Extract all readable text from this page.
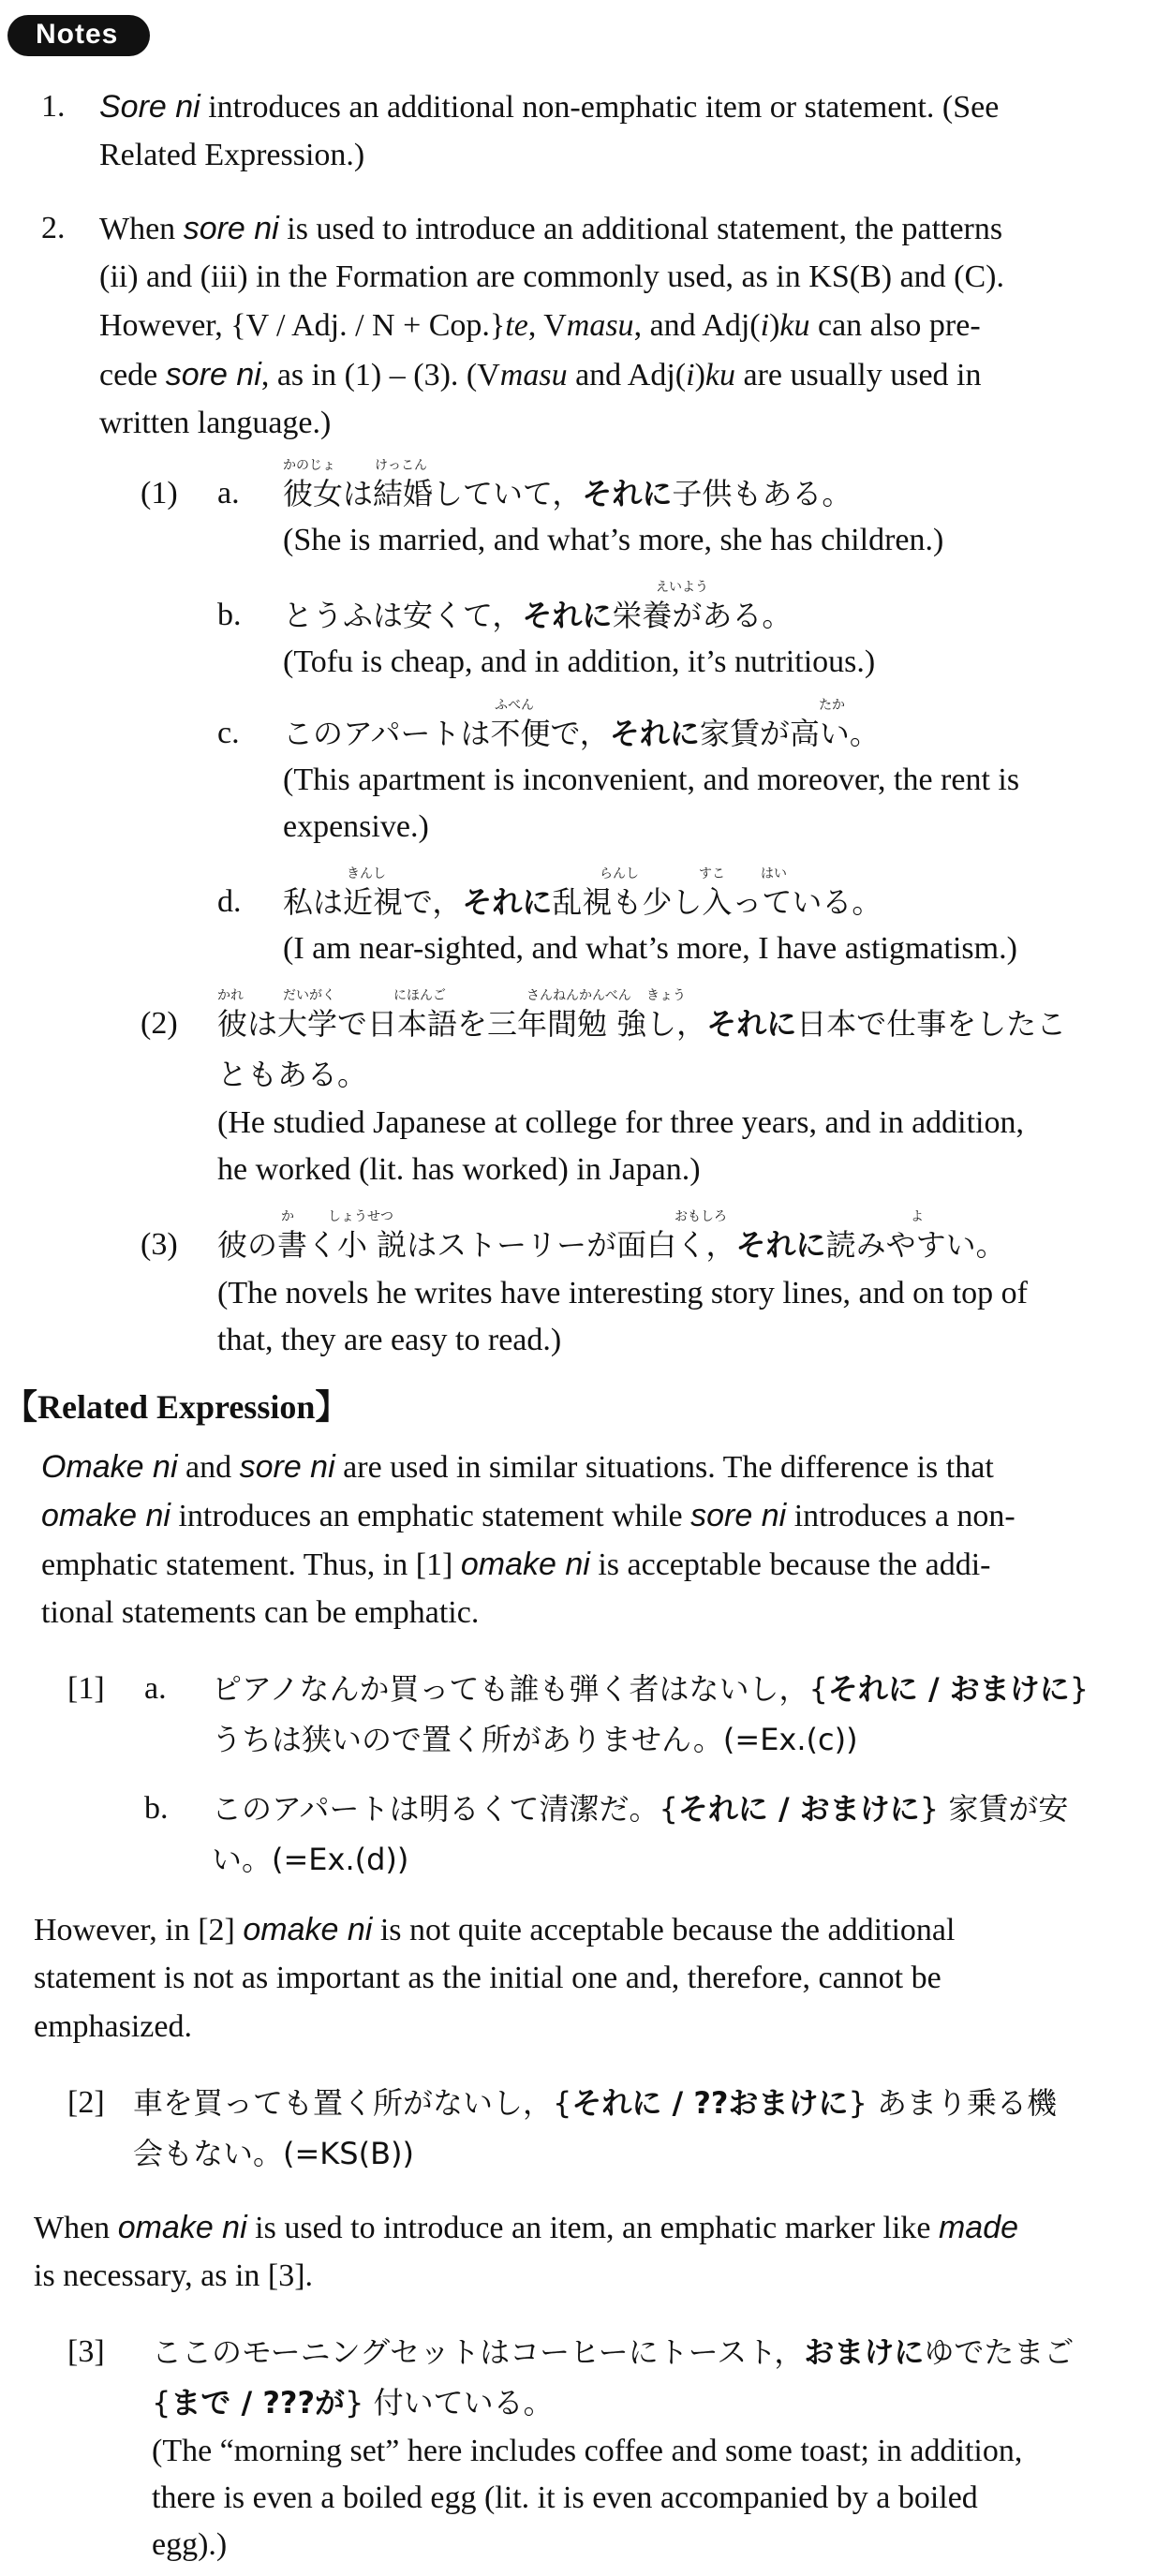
Notes
1. Sore ni introduces an additional non-emphatic item or statement. (See
Related Expression.)
2. When sore ni is used to introduce an additional statement, the patterns
(ii) and (iii) in the Formation are commonly used, as in KS(B) and (C).
However, {V / Adj. / N + Cop.}te, Vmasu, and Adj(i)ku can also pre-
cede sore ni, as in (1) – (3). (Vmasu and Adj(i)ku are usually used in
written language.)
(1) a.
かのじょ	けっこん
彼女は結婚していて，それに子供もある。
(She is married, and what’s more, she has children.)
b.
えいよう
とうふは安くて，それに栄養がある。
(Tofu is cheap, and in addition, it’s nutritious.)
c.
ふべん	たか
このアパートは不便で，それに家賃が高い。
(This apartment is inconvenient, and moreover, the rent is
expensive.)
d.
きんし	らんし	すこ	はい
私は近視で，それに乱視も少し入っている。
(I am near-sighted, and what’s more, I have astigmatism.)
(2)
かれ	だいがく	にほんご	さんねんかんべん きょう
彼は大学で日本語を三年間勉 強し，それに日本で仕事をしたこ
ともある。
(He studied Japanese at college for three years, and in addition,
he worked (lit. has worked) in Japan.)
(3)
か	しょうせつ	おもしろ	よ
彼の書く小 説はストーリーが面白く，それに読みやすい。
(The novels he writes have interesting story lines, and on top of
that, they are easy to read.)
【Related Expression】
Omake ni and sore ni are used in similar situations. The difference is that
omake ni introduces an emphatic statement while sore ni introduces a non-
emphatic statement. Thus, in [1] omake ni is acceptable because the addi-
tional statements can be emphatic.
[1] a. ピアノなんか買っても誰も弾く者はないし，{それに / おまけに}
うちは狭いので置く所がありません。(=Ex.(c))
b. このアパートは明るくて清潔だ。{それに / おまけに} 家賃が安
い。(=Ex.(d))
However, in [2] omake ni is not quite acceptable because the additional
statement is not as important as the initial one and, therefore, cannot be
emphasized.
[2] 車を買っても置く所がないし，{それに / ??おまけに} あまり乗る機
会もない。(=KS(B))
When omake ni is used to introduce an item, an emphatic marker like made
is necessary, as in [3].
[3] ここのモーニングセットはコーヒーにトースト，おまけにゆでたまご
{まで / ???が} 付いている。
(The “morning set” here includes coffee and some toast; in addition,
there is even a boiled egg (lit. it is even accompanied by a boiled
egg).)
